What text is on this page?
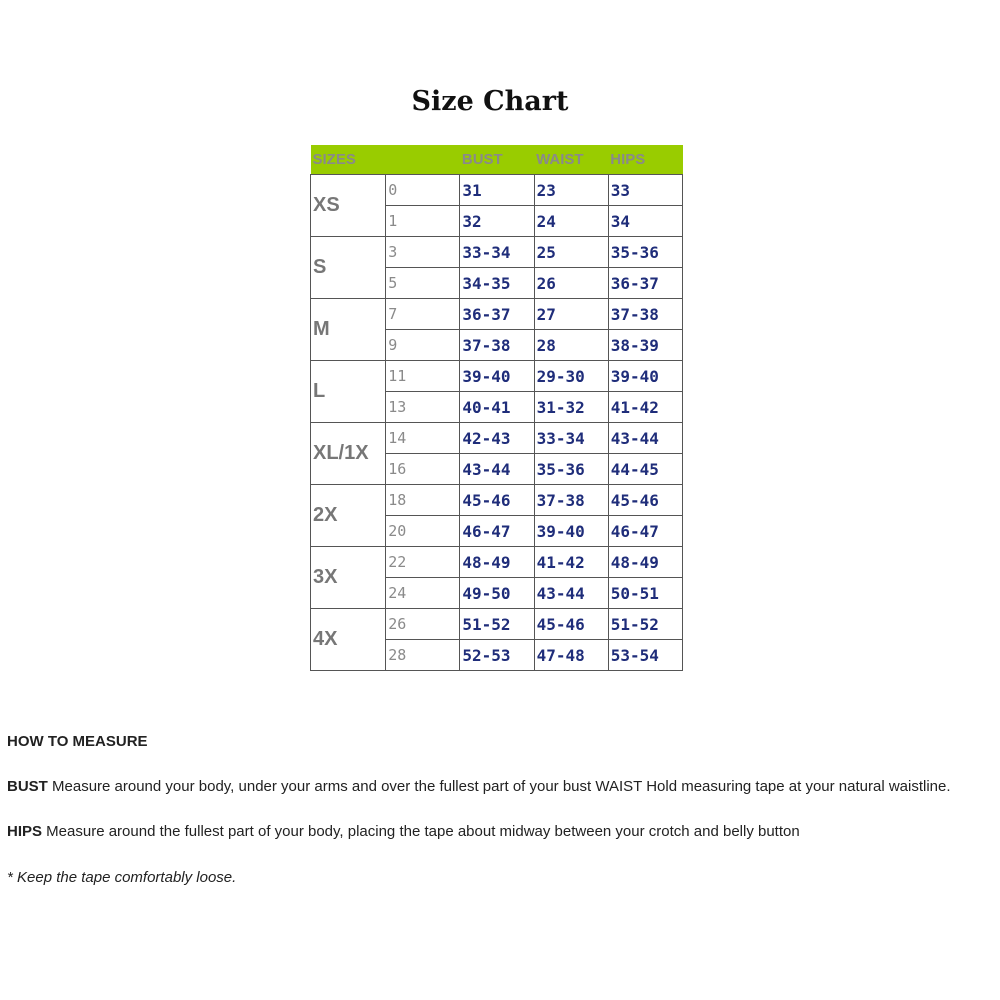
Size Chart
SIZES		BUST	WAIST	HIPS
XS	0	31	23	33
	1	32	24	34
S	3	33-34	25	35-36
	5	34-35	26	36-37
M	7	36-37	27	37-38
	9	37-38	28	38-39
L	11	39-40	29-30	39-40
	13	40-41	31-32	41-42
XL/1X	14	42-43	33-34	43-44
	16	43-44	35-36	44-45
2X	18	45-46	37-38	45-46
	20	46-47	39-40	46-47
3X	22	48-49	41-42	48-49
	24	49-50	43-44	50-51
4X	26	51-52	45-46	51-52
	28	52-53	47-48	53-54
HOW TO MEASURE
BUST Measure around your body, under your arms and over the fullest part of your bust WAIST Hold measuring tape at your natural waistline.
HIPS Measure around the fullest part of your body, placing the tape about midway between your crotch and belly button
* Keep the tape comfortably loose.
